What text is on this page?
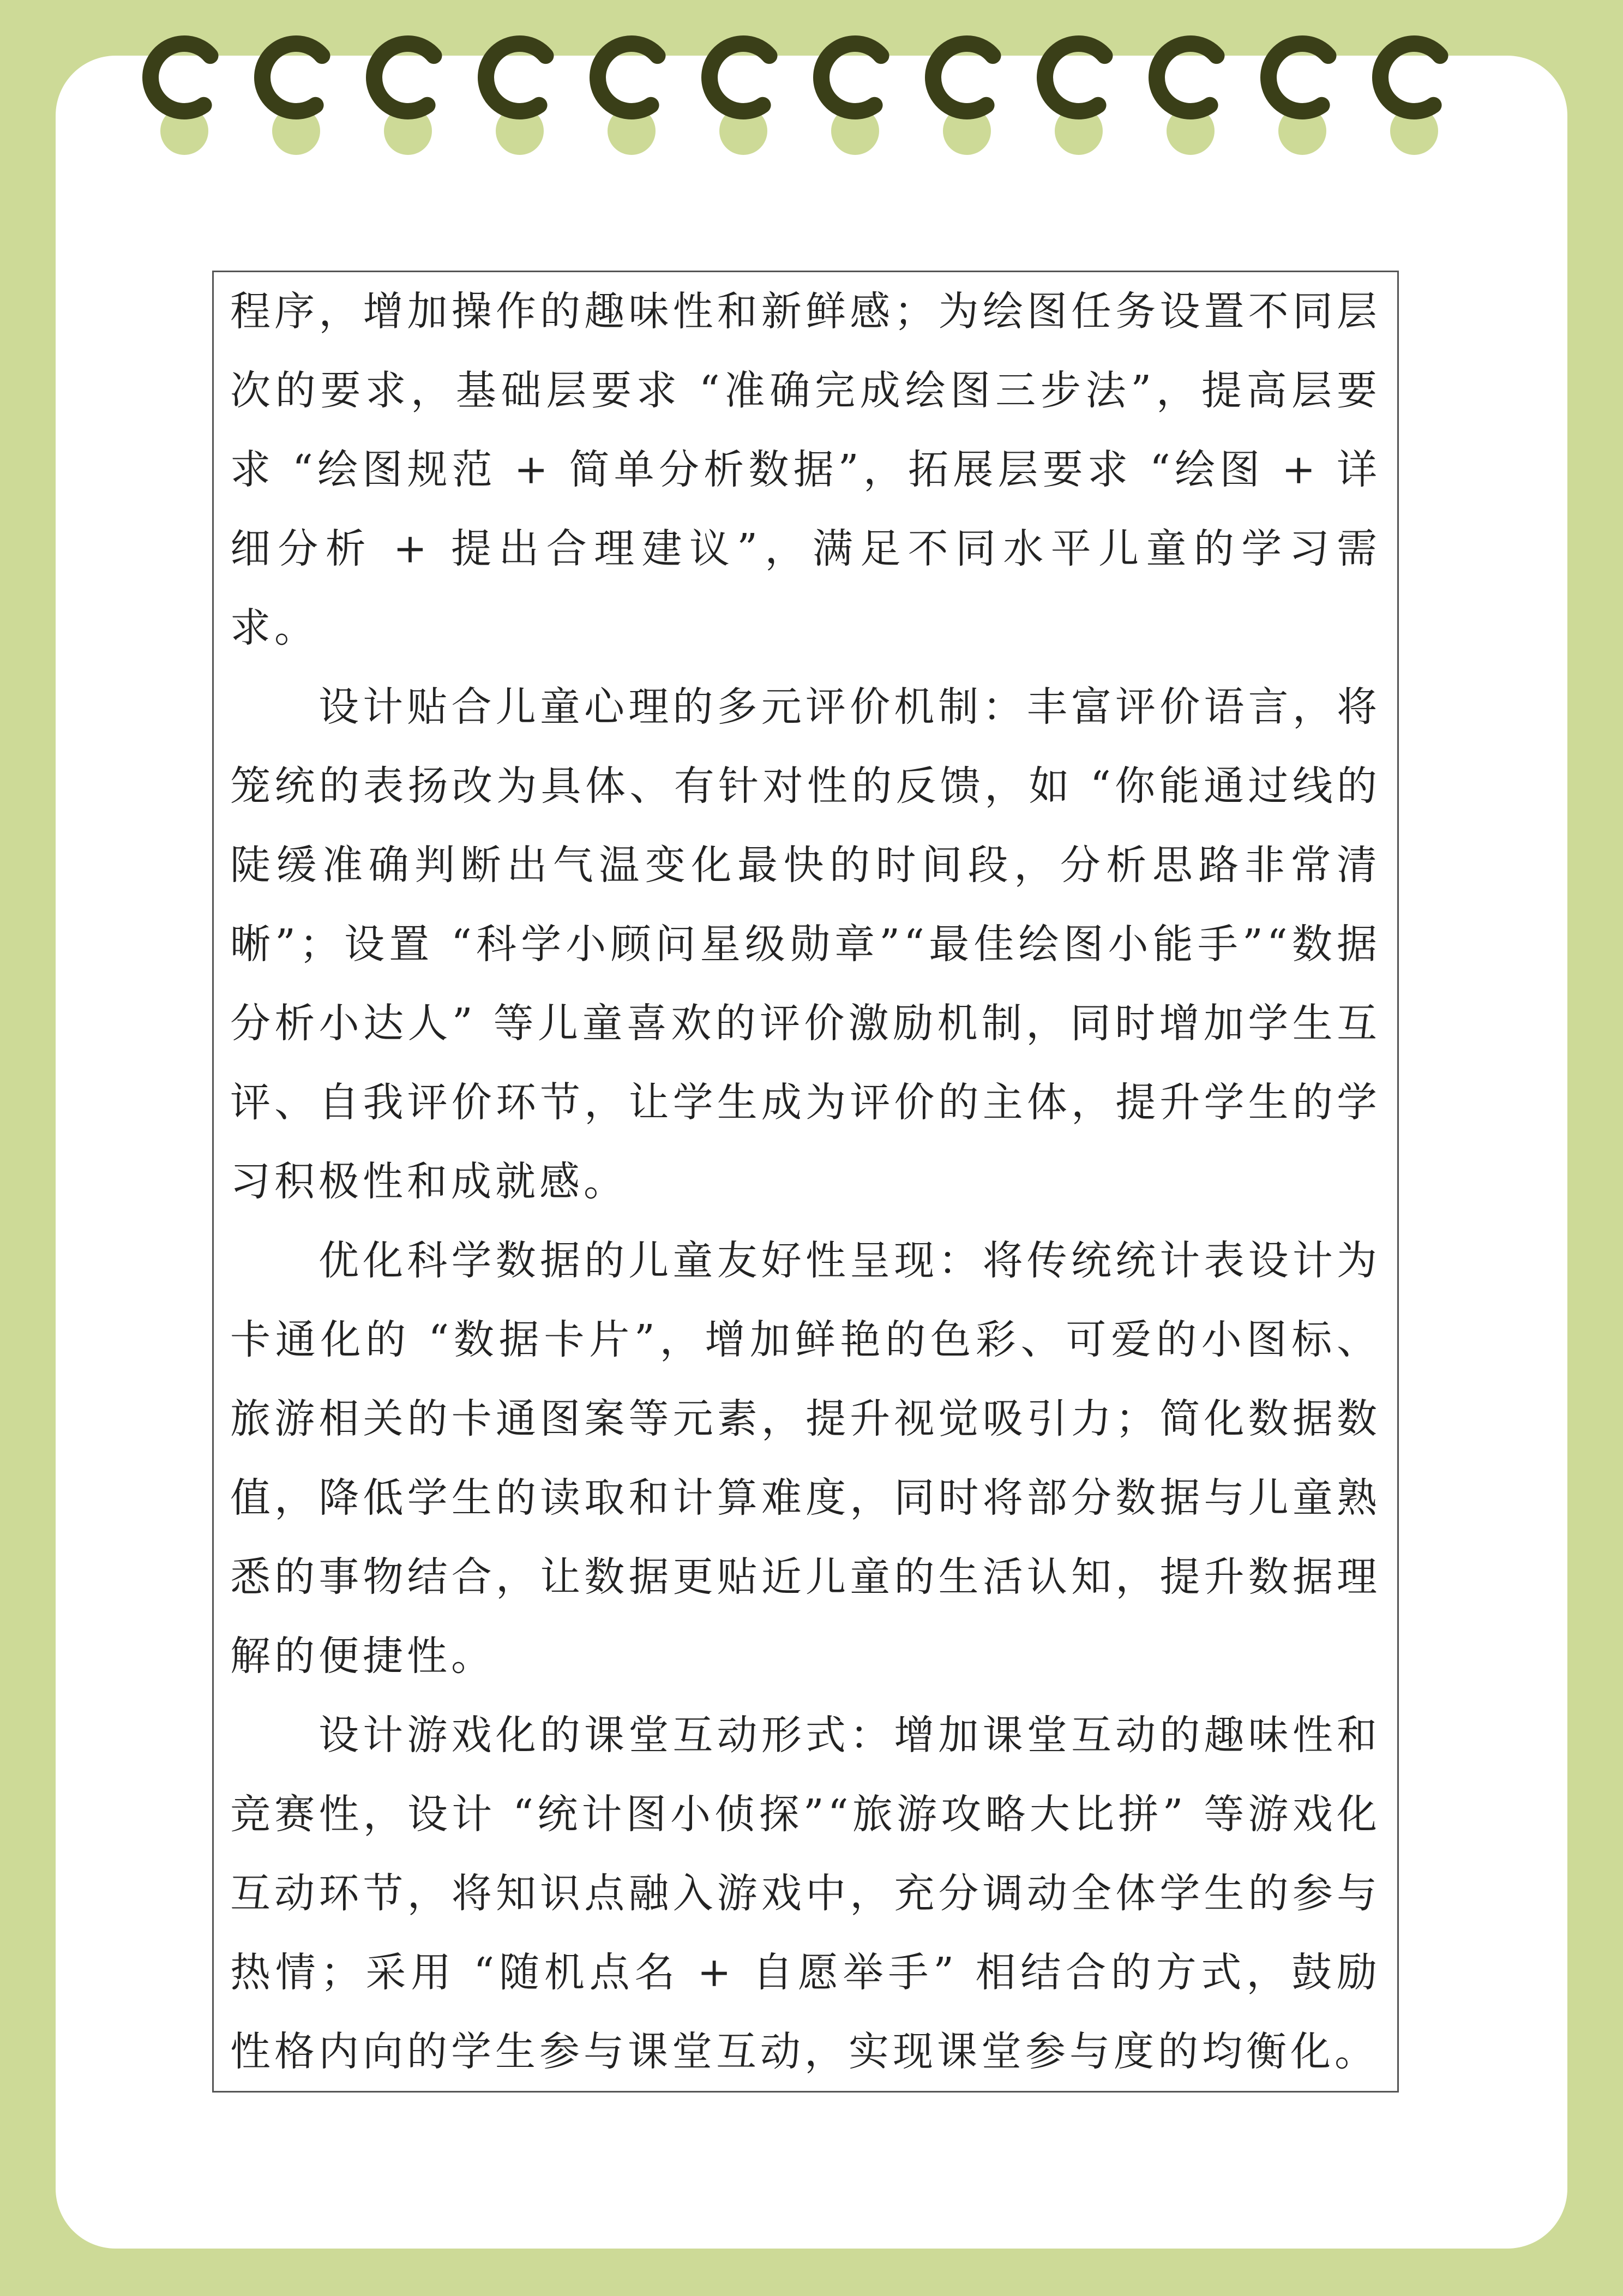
程序，增加操作的趣味性和新鲜感；为绘图任务设置不同层次的要求，基础层要求 “准确完成绘图三步法”，提高层要求 “绘图规范 + 简单分析数据”，拓展层要求 “绘图 + 详细分析 + 提出合理建议”，满足不同水平儿童的学习需求。

设计贴合儿童心理的多元评价机制：丰富评价语言，将笼统的表扬改为具体、有针对性的反馈，如 “你能通过线的陡缓准确判断出气温变化最快的时间段，分析思路非常清晰”；设置 “科学小顾问星级勋章”“最佳绘图小能手”“数据分析小达人” 等儿童喜欢的评价激励机制，同时增加学生互评、自我评价环节，让学生成为评价的主体，提升学生的学习积极性和成就感。

优化科学数据的儿童友好性呈现：将传统统计表设计为卡通化的 “数据卡片”，增加鲜艳的色彩、可爱的小图标、旅游相关的卡通图案等元素，提升视觉吸引力；简化数据数值，降低学生的读取和计算难度，同时将部分数据与儿童熟悉的事物结合，让数据更贴近儿童的生活认知，提升数据理解的便捷性。

设计游戏化的课堂互动形式：增加课堂互动的趣味性和竞赛性，设计 “统计图小侦探”“旅游攻略大比拼” 等游戏化互动环节，将知识点融入游戏中，充分调动全体学生的参与热情；采用 “随机点名 + 自愿举手” 相结合的方式，鼓励性格内向的学生参与课堂互动，实现课堂参与度的均衡化。
